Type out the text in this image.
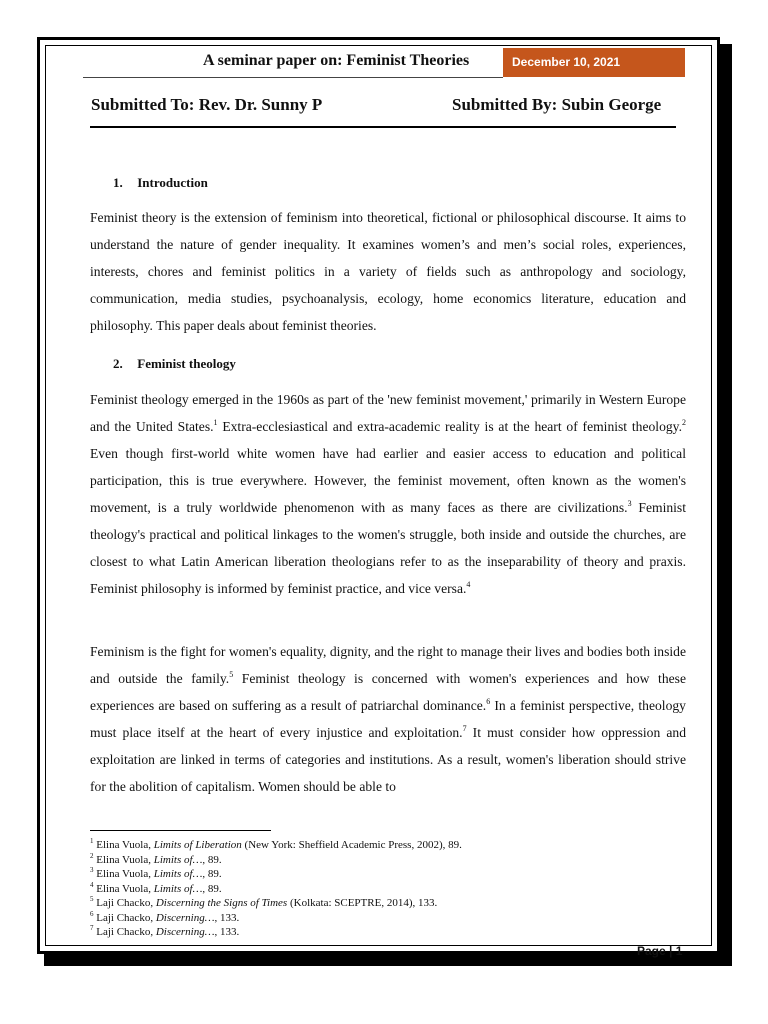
A seminar paper on: Feminist Theories	December 10, 2021
Submitted To: Rev. Dr. Sunny P	Submitted By: Subin George
1. Introduction

Feminist theory is the extension of feminism into theoretical, fictional or philosophical discourse. It aims to understand the nature of gender inequality. It examines women’s and men’s social roles, experiences, interests, chores and feminist politics in a variety of fields such as anthropology and sociology, communication, media studies, psychoanalysis, ecology, home economics literature, education and philosophy. This paper deals about feminist theories.

2. Feminist theology

Feminist theology emerged in the 1960s as part of the 'new feminist movement,' primarily in Western Europe and the United States.$^1$ Extra-ecclesiastical and extra-academic reality is at the heart of feminist theology.$^2$ Even though first-world white women have had earlier and easier access to education and political participation, this is true everywhere. However, the feminist movement, often known as the women's movement, is a truly worldwide phenomenon with as many faces as there are civilizations.$^3$ Feminist theology's practical and political linkages to the women's struggle, both inside and outside the churches, are closest to what Latin American liberation theologians refer to as the inseparability of theory and praxis. Feminist philosophy is informed by feminist practice, and vice versa.$^4$

Feminism is the fight for women's equality, dignity, and the right to manage their lives and bodies both inside and outside the family.$^5$ Feminist theology is concerned with women's experiences and how these experiences are based on suffering as a result of patriarchal dominance.$^6$ In a feminist perspective, theology must place itself at the heart of every injustice and exploitation.$^7$ It must consider how oppression and exploitation are linked in terms of categories and institutions. As a result, women's liberation should strive for the abolition of capitalism. Women should be able to

$^1$ Elina Vuola, Limits of Liberation (New York: Sheffield Academic Press, 2002), 89.
$^2$ Elina Vuola, Limits of…, 89.
$^3$ Elina Vuola, Limits of…, 89.
$^4$ Elina Vuola, Limits of…, 89.
$^5$ Laji Chacko, Discerning the Signs of Times (Kolkata: SCEPTRE, 2014), 133.
$^6$ Laji Chacko, Discerning…, 133.
$^7$ Laji Chacko, Discerning…, 133.
Page | 1
